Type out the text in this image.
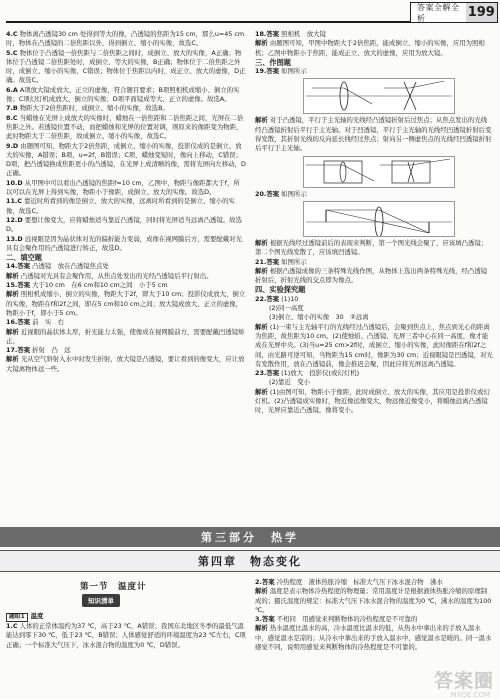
答案全解全析	199

4.C 物体离凸透镜30 cm 处得到等大的像，凸透镜的焦距为15 cm，那么u=45 cm时，物体在凸透镜的二倍焦距以外，得到倒立、缩小的实像，故选C。

5.C 物体位于凸透镜一倍焦距与二倍焦距之间时，成倒立、放大的实像，A正确；物体位于凸透镜二倍焦距处时，成倒立、等大的实像，B正确；物体位于二倍焦距之外时，成倒立、缩小的实像，C错误；物体位于焦距以内时，成正立、放大的虚像，D正确。故选C。

6.A A项放大镜成放大、正立的虚像，符合题目要求；B项照相机成缩小、倒立的实像；C项幻灯机成放大、倒立的实像；D项平面镜成等大、正立的虚像。故选A。

7.B 物距大于2倍焦距时，成倒立、缩小的实像，故选B。

8.C 当蜡烛在光屏上成放大的实像时，蜡烛在一倍焦距和二倍焦距之间，光屏在二倍焦距之外。若透镜位置不动，而把蜡烛和光屏的位置对调，则原来的像距变为物距，此时物距大于二倍焦距，故成倒立、缩小的实像，故选C。

9.D 由题图可知，物距大于2倍焦距，成倒立、缩小的实像，投影仪成的是倒立、放大的实像，A错误；B项，u=2f，B错误；C项，蜡烛变短时，像向上移动，C错误；D项，把凸透镜换成焦距更小的凸透镜，在光屏上成清晰的像，需将光屏向左移动，D正确。

10.D 从甲图中可以看出凸透镜的焦距f=10 cm，乙图中，物距与像距都大于f，所以可以在光屏上得到实像，物距小于像距，成倒立、放大的实像。故选D。

11.C 靠近时所看到的像是倒立、放大的实像，远离时所看到的是倒立、缩小的实像，故选C。

12.D 要想让像变大，应将蜡烛适当靠近凸透镜，同时将光屏适当远离凸透镜。故选D。

13.D 远视眼是因为晶状体对光的偏折能力变弱，成像在视网膜后方，需要配戴对光具有会聚作用的凸透镜进行矫正，故选D。

二、填空题

14.答案 凸透镜　放在凸透镜焦点处

解析 凸透镜对光具有会聚作用，从焦点处发出的光经凸透镜后平行射出。

15.答案 大于10 cm　在6 cm和10 cm之间　小于5 cm

解析 照相机成缩小、倒立的实像，物距大于2f，即大于10 cm；投影仪成放大、倒立的实像，物距在f和2f之间，即在5 cm和10 cm之间；放大镜成放大、正立的虚像，物距小于f，即小于5 cm。

16.答案 前　实　右

解析 近视眼的晶状体太厚，折光能力太强，使像成在视网膜前方，需要配戴凹透镜矫正。

17.答案 折射　凸　远

解析 光从空气斜射入水中时发生折射，放大镜是凸透镜，要让看到的像变大，应让放大镜离物体远一些。

18.答案 照相机　放大镜

解析 由题图可知，甲图中物距大于2倍焦距，能成倒立、缩小的实像，应用为照相机；乙图中物距小于焦距，能成正立、放大的虚像，应用为放大镜。

三、作图题

19.答案 如图所示

解析 对于凸透镜，平行于主光轴的光线经凸透镜折射后过焦点；从焦点发出的光线经凸透镜折射后平行于主光轴。对于凹透镜，平行于主光轴的光线经凹透镜折射后变得发散，其折射光线的反向延长线经过焦点；射向另一侧虚焦点的光线经凹透镜折射后平行于主光轴。

20.答案 如图所示

解析 根据光线经过透镜前后的表现来判断，第一个图光线会聚了，应该填凸透镜；第二个图光线发散了，应该填凹透镜。

21.答案 如图所示

解析 根据凸透镜成像的三条特殊光线作图，从物体上选出两条特殊光线，经凸透镜折射后，折射光线的交点即为像点。

四、实验探究题

22.答案 (1)10

(2)同一高度

(3)倒立、缩小的实像　30　②远离

解析 (1)一束与主光轴平行的光线经过凸透镜后，会聚到焦点上，焦点到光心的距离为焦距，故焦距为10 cm。(2)使烛焰、凸透镜、光屏三者中心在同一高度，像才能成在光屏中央。(3)当u=25 cm>2f时，成倒立、缩小的实像，此时像距在f和2f之间，由光路可逆可知，当物距为15 cm时，像距为30 cm；近视眼镜是凹透镜，对光有发散作用，放在凸透镜前，像会推迟会聚，因此应将光屏远离凸透镜。

23.答案 (1)放大　投影仪(或幻灯机)

(2)靠近　变小

解析 (1)由图可知，物距小于像距，此时成倒立、放大的实像，其应用是投影仪或幻灯机。(2)凸透镜成实像时，物近像远像变大，物远像近像变小，将蜡烛远离凸透镜时，光屏应靠近凸透镜，像将变小。

第三部分　热学
第四章　物态变化
第一节　温度计
知识清单

题组1 温度

1.C 人体的正常体温约为37 ℃，高于23 ℃，A错误；我国东北地区冬季的最低气温能达到零下30 ℃，低于23 ℃，B错误；人体感觉舒适的环境温度为23 ℃左右，C项正确；一个标准大气压下，冰水混合物的温度为0 ℃，D错误。

2.答案 冷热程度　液体热胀冷缩　标准大气压下冰水混合物　沸水

解析 温度是表示物体冷热程度的物理量；常用温度计是根据液体热胀冷缩的原理制成的；摄氏温度的规定：标准大气压下冰水混合物的温度为0 ℃，沸水的温度为100 ℃。

3.答案 不相同　用感觉来判断物体的冷热程度是不可靠的

解析 热水温度比温水的高，冷水温度比温水的低，从热水中拿出来的手放入温水中，感觉温水是凉的；从冷水中拿出来的手放入温水中，感觉温水是暖的。同一温水感觉不同，说明用感觉来判断物体的冷热程度是不可靠的。

答案圈
MXQE.COM
